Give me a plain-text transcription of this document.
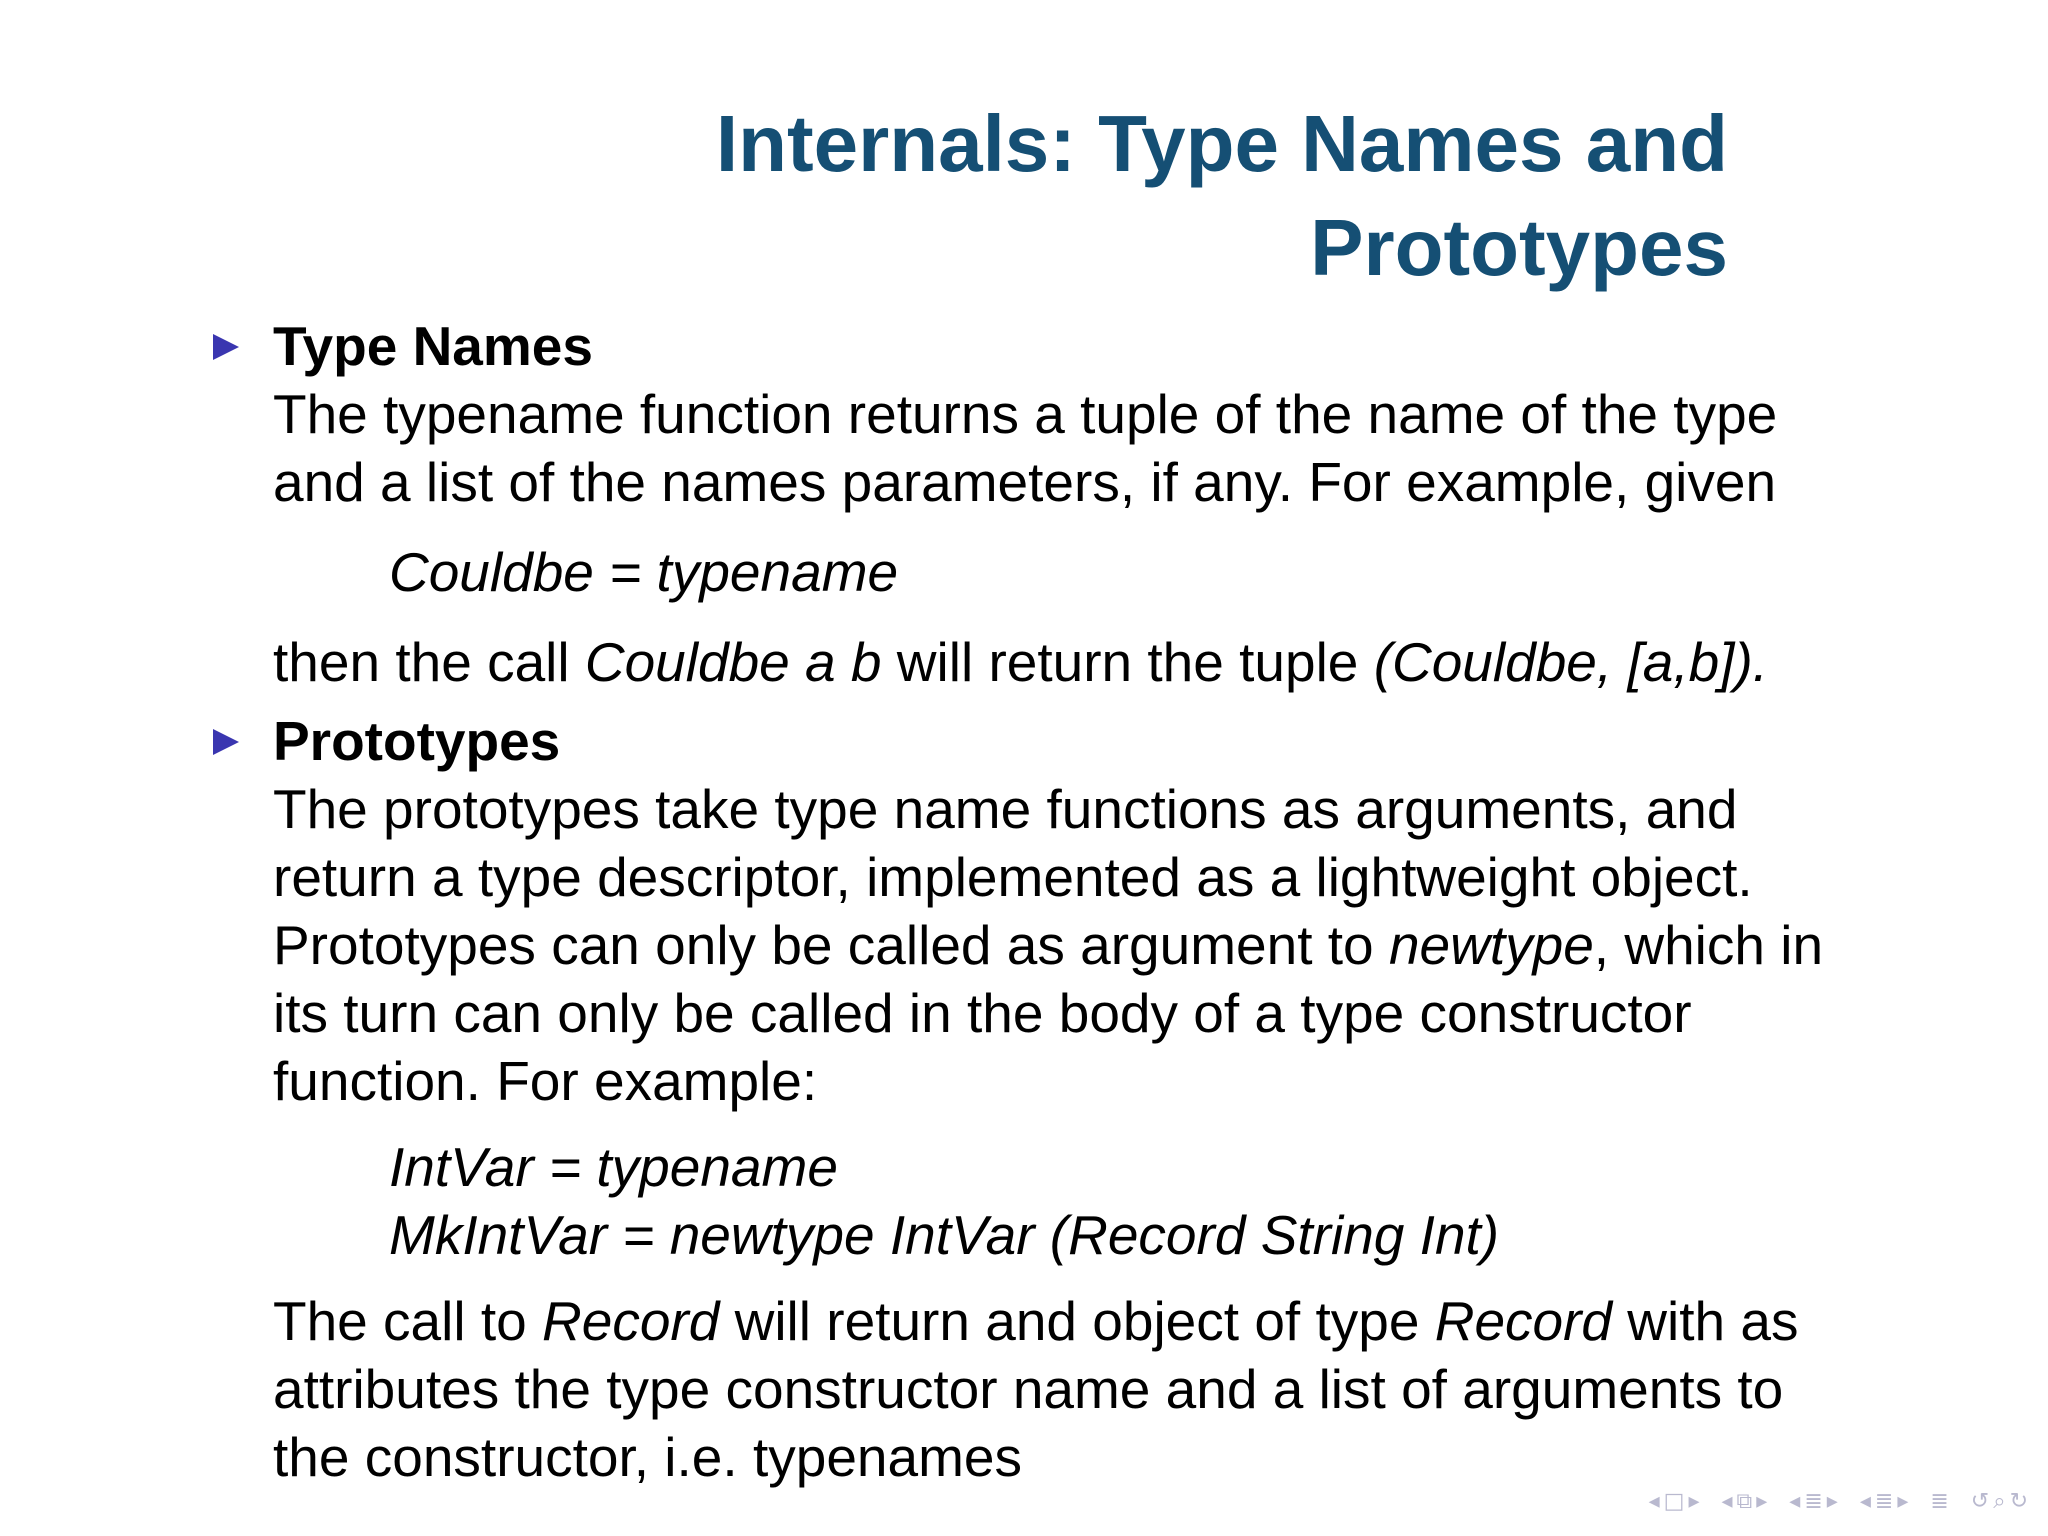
Internals: Type Names and
Prototypes
Type Names
The typename function returns a tuple of the name of the type
and a list of the names parameters, if any. For example, given
Couldbe = typename
then the call Couldbe a b will return the tuple (Couldbe, [a,b]).
Prototypes
The prototypes take type name functions as arguments, and
return a type descriptor, implemented as a lightweight object.
Prototypes can only be called as argument to newtype, which in
its turn can only be called in the body of a type constructor
function. For example:
IntVar = typename
MkIntVar = newtype IntVar (Record String Int)
The call to Record will return and object of type Record with as
attributes the type constructor name and a list of arguments to
the constructor, i.e. typenames
◂ □ ▸ ◂ ⧉ ▸ ◂ ≣ ▸ ◂ ≣ ▸ ≣ ↺ ⌕ ↻
